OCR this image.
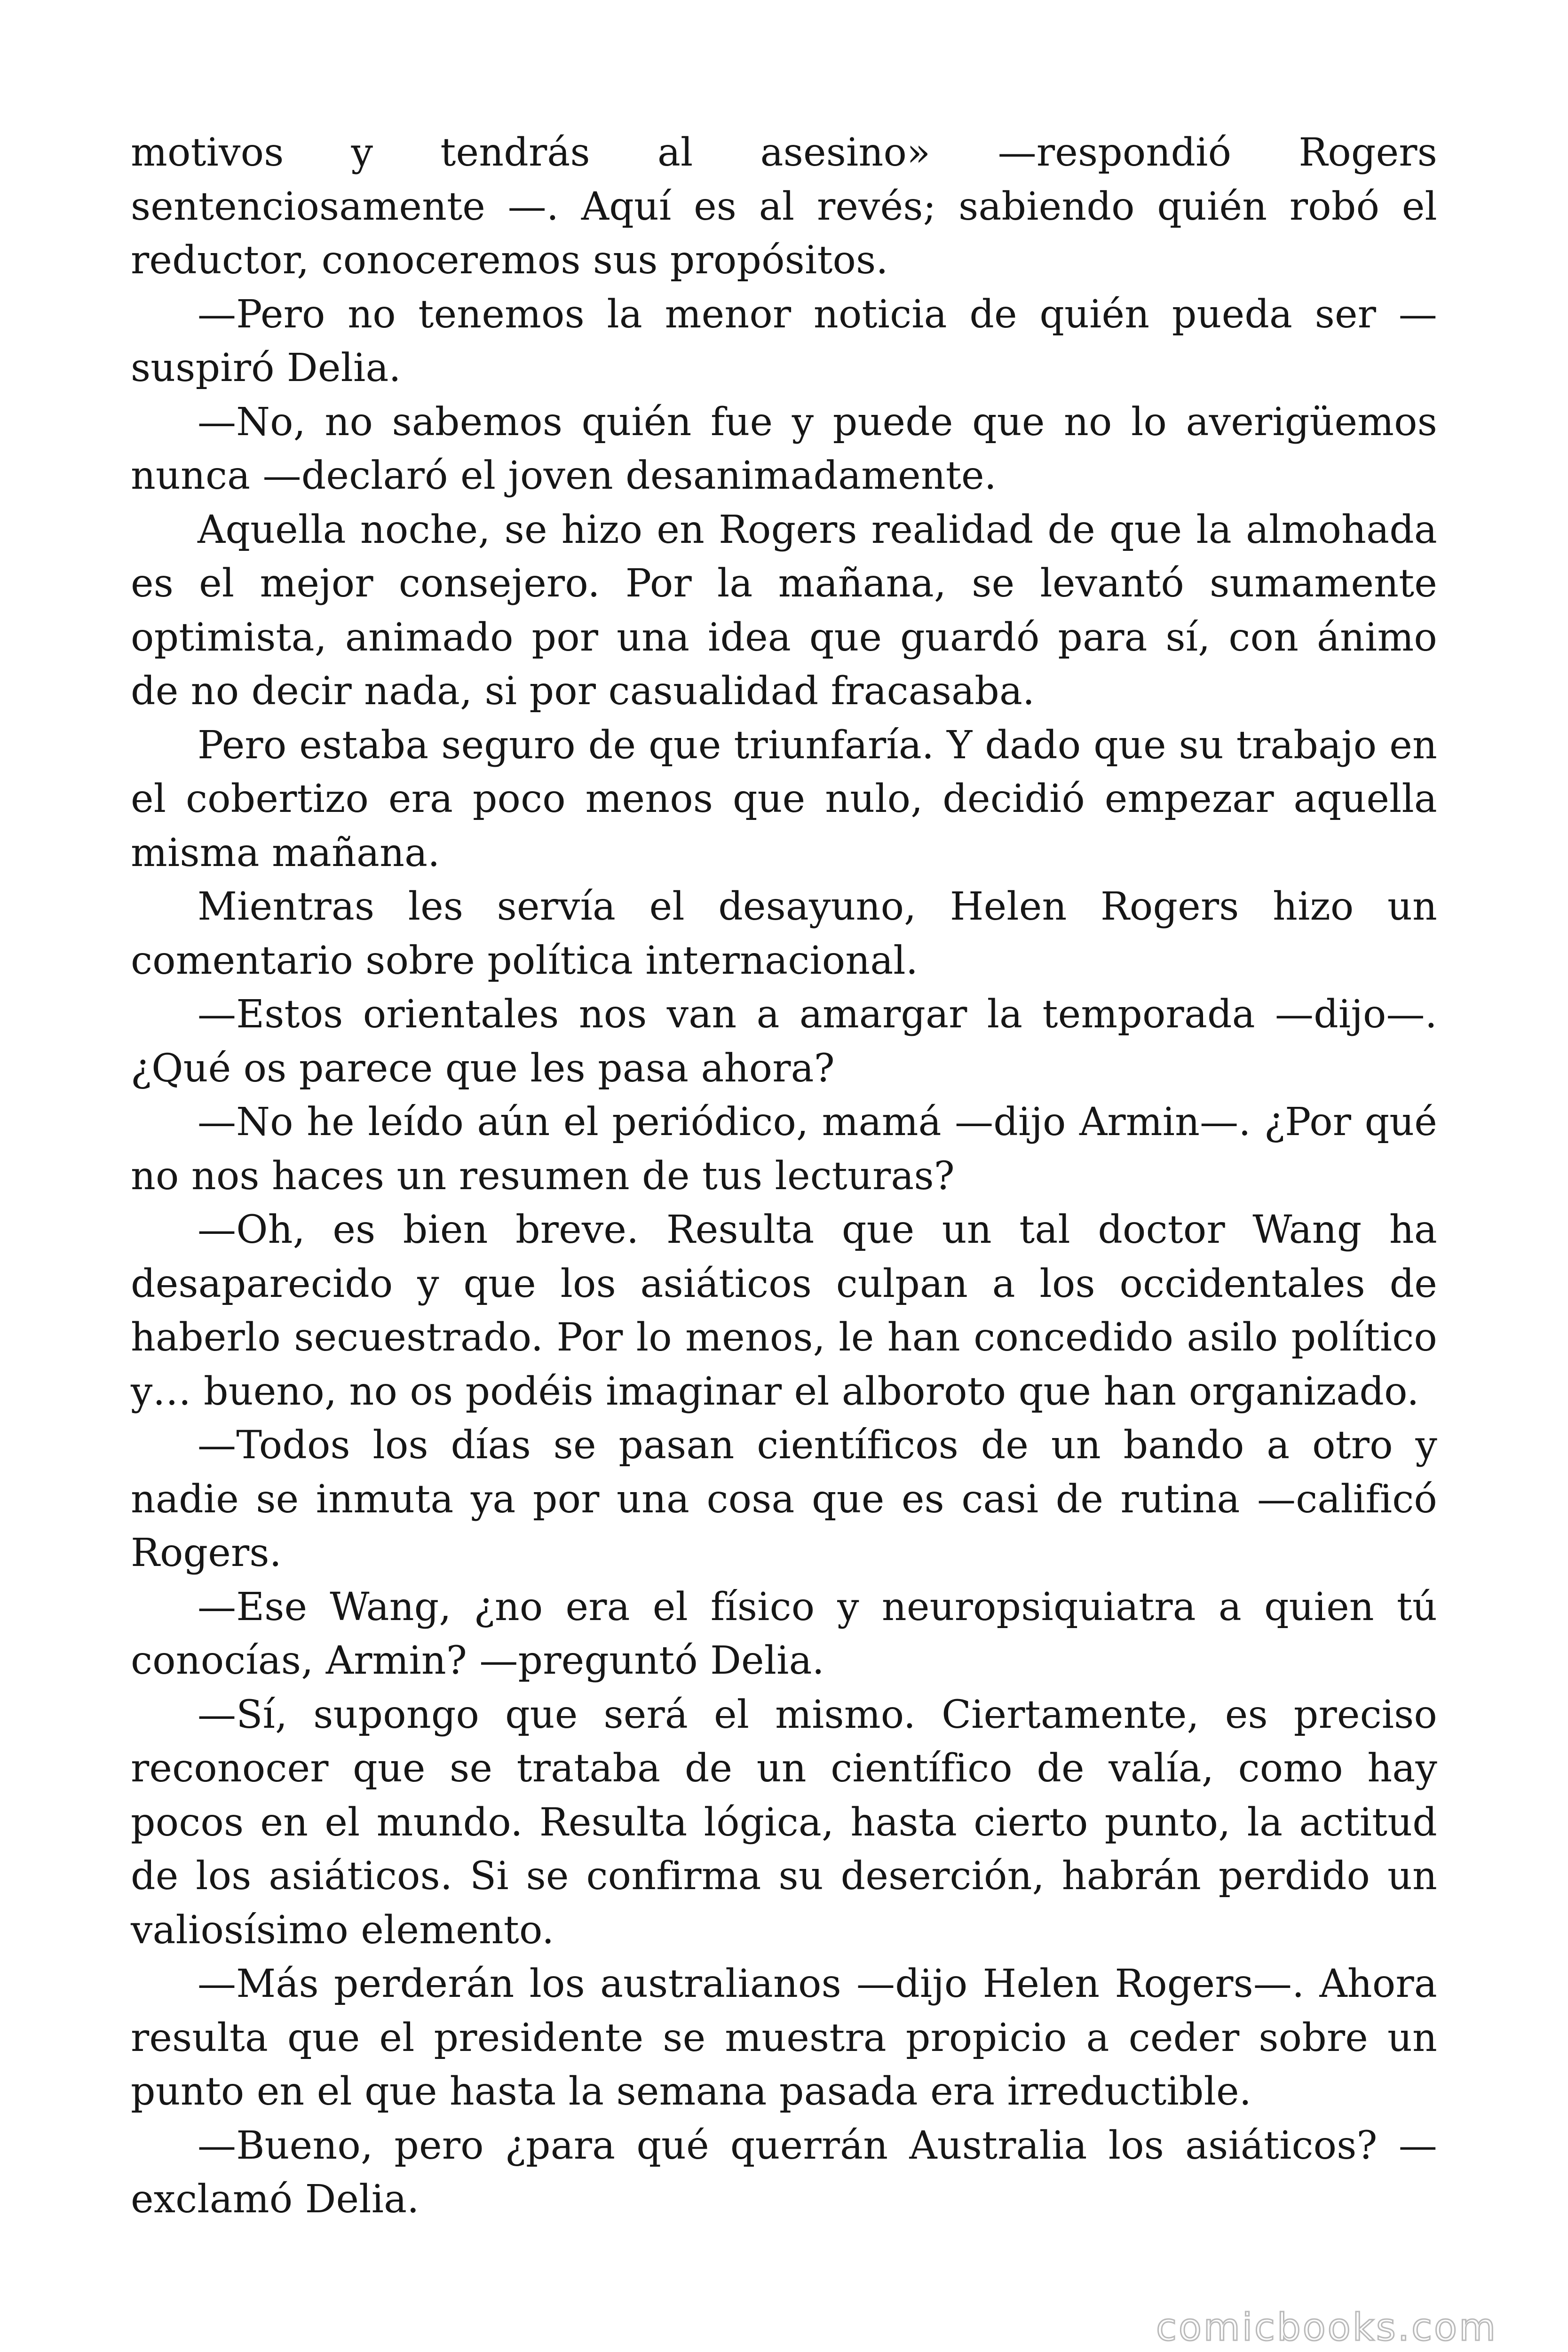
motivos y tendrás al asesino» —respondió Rogers sentenciosamente —. Aquí es al revés; sabiendo quién robó el reductor, conoceremos sus propósitos.

—Pero no tenemos la menor noticia de quién pueda ser — suspiró Delia.

—No, no sabemos quién fue y puede que no lo averigüemos nunca —declaró el joven desanimadamente.

Aquella noche, se hizo en Rogers realidad de que la almohada es el mejor consejero. Por la mañana, se levantó sumamente optimista, animado por una idea que guardó para sí, con ánimo de no decir nada, si por casualidad fracasaba.

Pero estaba seguro de que triunfaría. Y dado que su trabajo en el cobertizo era poco menos que nulo, decidió empezar aquella misma mañana.

Mientras les servía el desayuno, Helen Rogers hizo un comentario sobre política internacional.

—Estos orientales nos van a amargar la temporada —dijo—. ¿Qué os parece que les pasa ahora?

—No he leído aún el periódico, mamá —dijo Armin—. ¿Por qué no nos haces un resumen de tus lecturas?

—Oh, es bien breve. Resulta que un tal doctor Wang ha desaparecido y que los asiáticos culpan a los occidentales de haberlo secuestrado. Por lo menos, le han concedido asilo político y… bueno, no os podéis imaginar el alboroto que han organizado.

—Todos los días se pasan científicos de un bando a otro y nadie se inmuta ya por una cosa que es casi de rutina —calificó Rogers.

—Ese Wang, ¿no era el físico y neuropsiquiatra a quien tú conocías, Armin? —preguntó Delia.

—Sí, supongo que será el mismo. Ciertamente, es preciso reconocer que se trataba de un científico de valía, como hay pocos en el mundo. Resulta lógica, hasta cierto punto, la actitud de los asiáticos. Si se confirma su deserción, habrán perdido un valiosísimo elemento.

—Más perderán los australianos —dijo Helen Rogers—. Ahora resulta que el presidente se muestra propicio a ceder sobre un punto en el que hasta la semana pasada era irreductible.

—Bueno, pero ¿para qué querrán Australia los asiáticos? — exclamó Delia.

comicbooks.com
